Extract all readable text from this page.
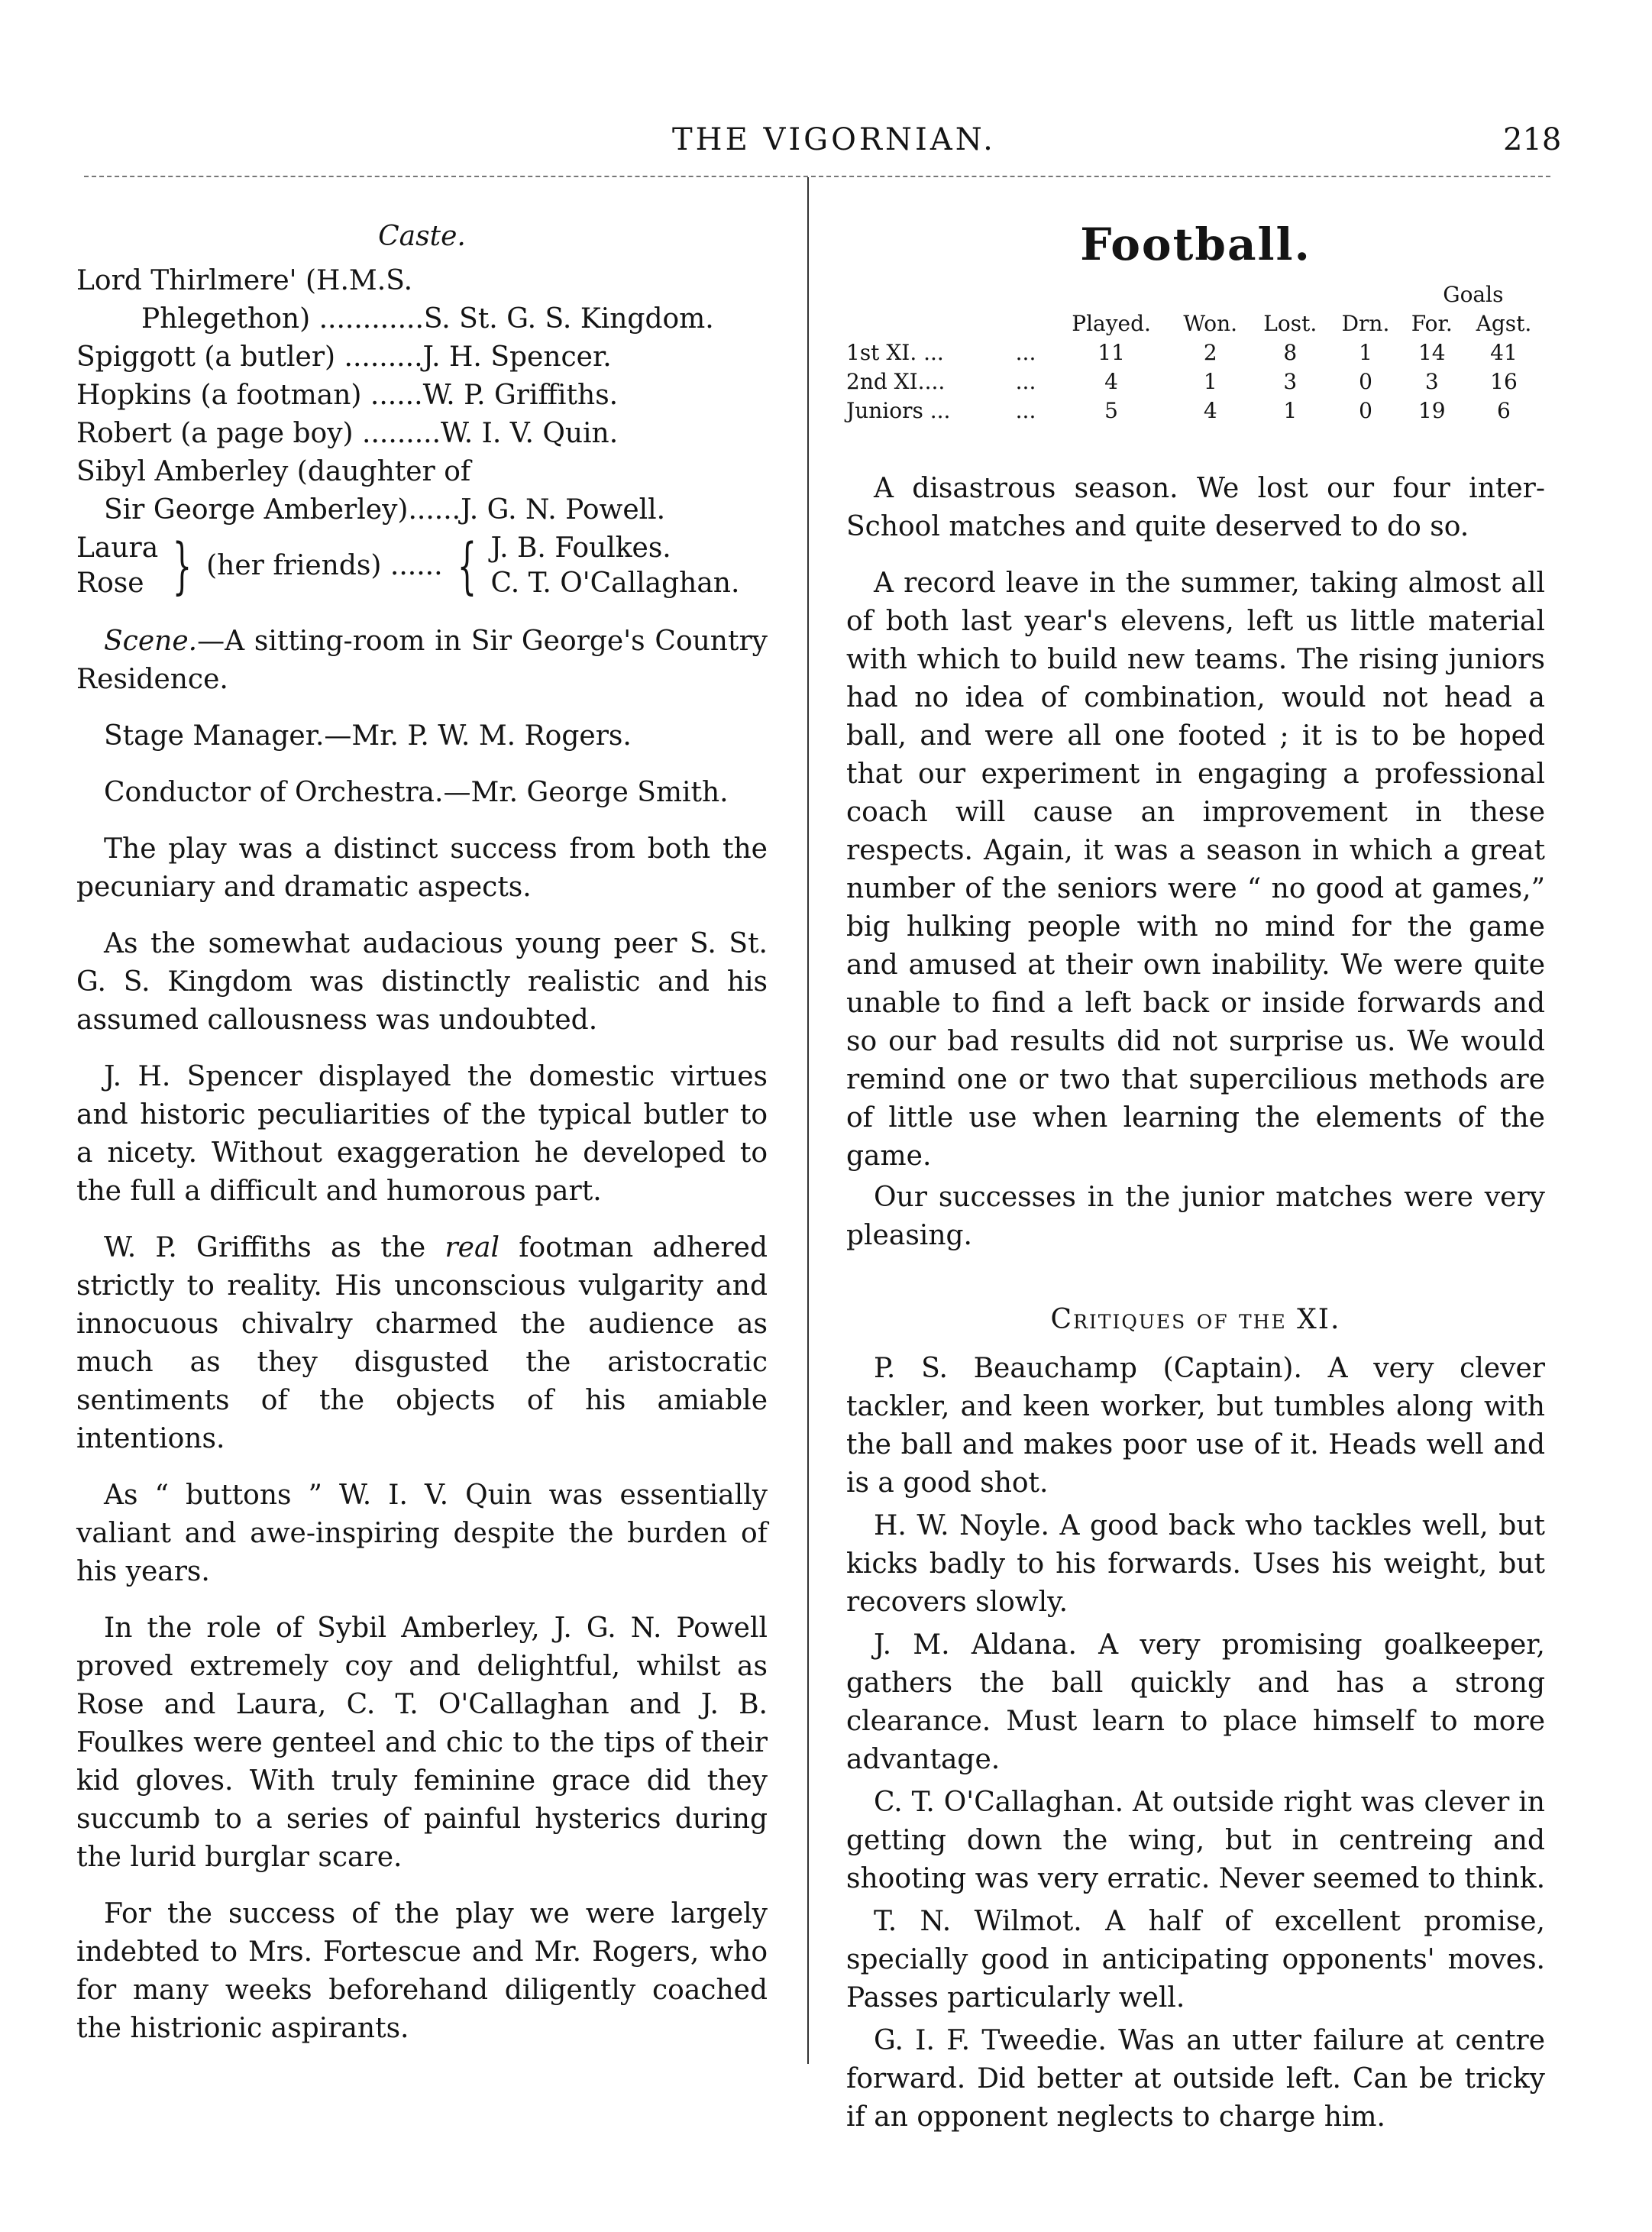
THE VIGORNIAN.	218
Caste.
Lord Thirlmere' (H.M.S.
Phlegethon) ............S. St. G. S. Kingdom.
Spiggott (a butler) .........J. H. Spencer.
Hopkins (a footman) ......W. P. Griffiths.
Robert (a page boy) .........W. I. V. Quin.
Sibyl Amberley (daughter of
Sir George Amberley)......J. G. N. Powell.
Laura
Rose } (her friends) ...... { J. B. Foulkes.
C. T. O'Callaghan.

Scene.—A sitting-room in Sir George's Country Residence.

Stage Manager.—Mr. P. W. M. Rogers.

Conductor of Orchestra.—Mr. George Smith.

The play was a distinct success from both the pecuniary and dramatic aspects.

As the somewhat audacious young peer S. St. G. S. Kingdom was distinctly realistic and his assumed callousness was undoubted.

J. H. Spencer displayed the domestic virtues and historic peculiarities of the typical butler to a nicety. Without exaggeration he developed to the full a difficult and humorous part.

W. P. Griffiths as the real footman adhered strictly to reality. His unconscious vulgarity and innocuous chivalry charmed the audience as much as they disgusted the aristocratic sentiments of the objects of his amiable intentions.

As “ buttons ” W. I. V. Quin was essentially valiant and awe-inspiring despite the burden of his years.

In the role of Sybil Amberley, J. G. N. Powell proved extremely coy and delightful, whilst as Rose and Laura, C. T. O'Callaghan and J. B. Foulkes were genteel and chic to the tips of their kid gloves. With truly feminine grace did they succumb to a series of painful hysterics during the lurid burglar scare.

For the success of the play we were largely indebted to Mrs. Fortescue and Mr. Rogers, who for many weeks beforehand diligently coached the histrionic aspirants.

Football.
						Goals	
		Played.	Won.	Lost.	Drn.	For.	Agst.
1st XI. ...	...	11	2	8	1	14	41
2nd XI....	...	4	1	3	0	3	16
Juniors ...	...	5	4	1	0	19	6

A disastrous season. We lost our four inter-School matches and quite deserved to do so.

A record leave in the summer, taking almost all of both last year's elevens, left us little material with which to build new teams. The rising juniors had no idea of combination, would not head a ball, and were all one footed ; it is to be hoped that our experiment in engaging a professional coach will cause an improvement in these respects. Again, it was a season in which a great number of the seniors were “ no good at games,” big hulking people with no mind for the game and amused at their own inability. We were quite unable to find a left back or inside forwards and so our bad results did not surprise us. We would remind one or two that supercilious methods are of little use when learning the elements of the game.

Our successes in the junior matches were very pleasing.

Critiques of the XI.

P. S. Beauchamp (Captain). A very clever tackler, and keen worker, but tumbles along with the ball and makes poor use of it. Heads well and is a good shot.

H. W. Noyle. A good back who tackles well, but kicks badly to his forwards. Uses his weight, but recovers slowly.

J. M. Aldana. A very promising goalkeeper, gathers the ball quickly and has a strong clearance. Must learn to place himself to more advantage.

C. T. O'Callaghan. At outside right was clever in getting down the wing, but in centreing and shooting was very erratic. Never seemed to think.

T. N. Wilmot. A half of excellent promise, specially good in anticipating opponents' moves. Passes particularly well.

G. I. F. Tweedie. Was an utter failure at centre forward. Did better at outside left. Can be tricky if an opponent neglects to charge him.
